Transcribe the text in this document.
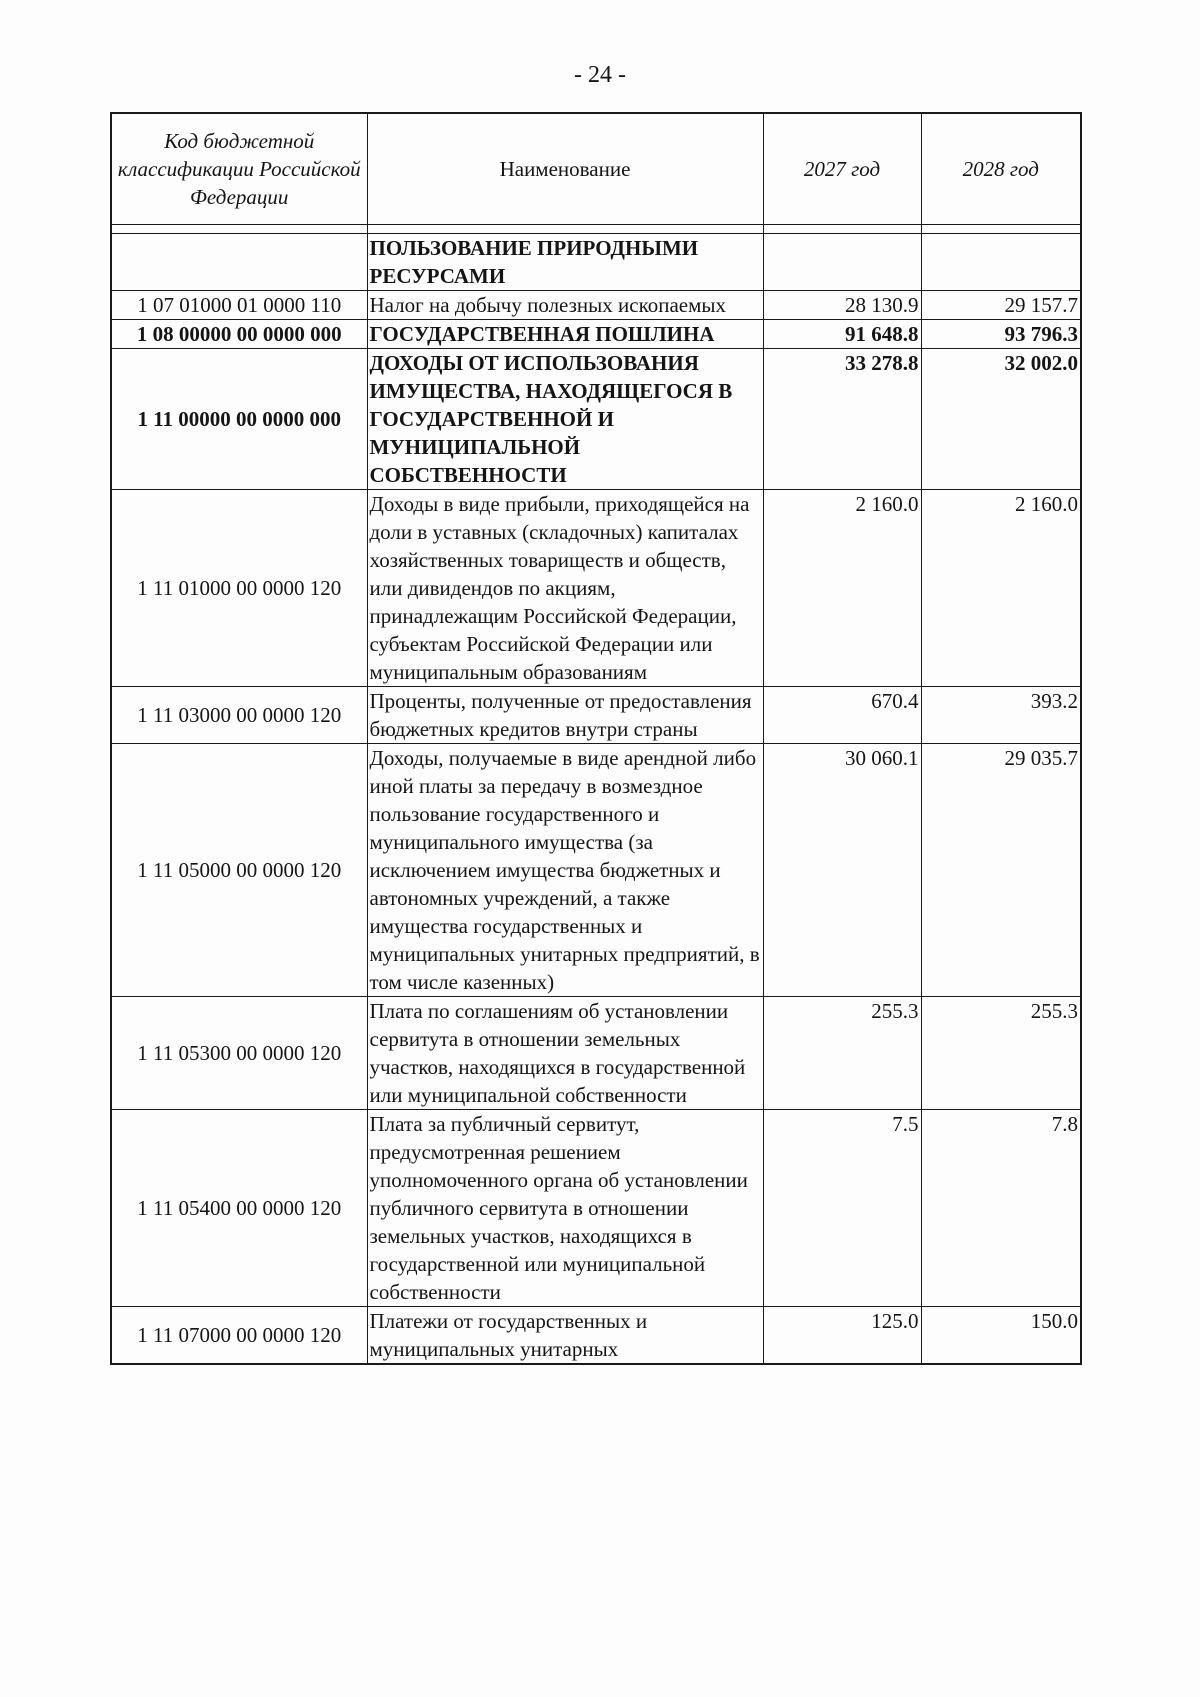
- 24 -
Код бюджетной классификации Российской Федерации	Наименование	2027 год	2028 год

	ПОЛЬЗОВАНИЕ ПРИРОДНЫМИ РЕСУРСАМИ		
1 07 01000 01 0000 110	Налог на добычу полезных ископаемых	28 130.9	29 157.7
1 08 00000 00 0000 000	ГОСУДАРСТВЕННАЯ ПОШЛИНА	91 648.8	93 796.3
1 11 00000 00 0000 000	ДОХОДЫ ОТ ИСПОЛЬЗОВАНИЯ ИМУЩЕСТВА, НАХОДЯЩЕГОСЯ В ГОСУДАРСТВЕННОЙ И МУНИЦИПАЛЬНОЙ СОБСТВЕННОСТИ	33 278.8	32 002.0
1 11 01000 00 0000 120	Доходы в виде прибыли, приходящейся на доли в уставных (складочных) капиталах хозяйственных товариществ и обществ, или дивидендов по акциям, принадлежащим Российской Федерации, субъектам Российской Федерации или муниципальным образованиям	2 160.0	2 160.0
1 11 03000 00 0000 120	Проценты, полученные от предоставления бюджетных кредитов внутри страны	670.4	393.2
1 11 05000 00 0000 120	Доходы, получаемые в виде арендной либо иной платы за передачу в возмездное пользование государственного и муниципального имущества (за исключением имущества бюджетных и автономных учреждений, а также имущества государственных и муниципальных унитарных предприятий, в том числе казенных)	30 060.1	29 035.7
1 11 05300 00 0000 120	Плата по соглашениям об установлении сервитута в отношении земельных участков, находящихся в государственной или муниципальной собственности	255.3	255.3
1 11 05400 00 0000 120	Плата за публичный сервитут, предусмотренная решением уполномоченного органа об установлении публичного сервитута в отношении земельных участков, находящихся в государственной или муниципальной собственности	7.5	7.8
1 11 07000 00 0000 120	Платежи от государственных и муниципальных унитарных	125.0	150.0
